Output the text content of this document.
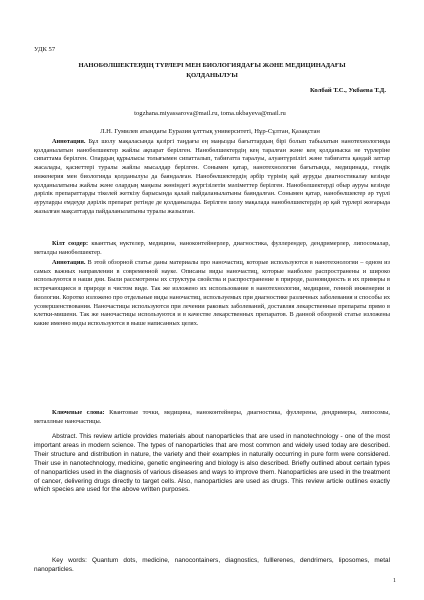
УДК 57
НАНОБӨЛШЕКТЕРДІҢ ТҮРЛЕРІ МЕН БИОЛОГИЯДАҒЫ ЖӘНЕ МЕДИЦИНАДАҒЫ ҚОЛДАНЫЛУЫ
Колбай Т.С., Укбаева Т.Д.
togzhana.miyassarova@mail.ru, toma.ukbayeva@mail.ru
Л.Н. Гумилев атындағы Еуразия ұлттық университеті, Нұр-Сұлтан, Қазақстан
Аннотация. Бұл шолу мақаласында қазіргі таңдағы ең маңызды бағыттардың бірі болып табылатын нанотехнологияда қолданылатын нанобөлшектер жайлы ақпарат берілген. Нанобөлшектердің кең таралған және кең қолданыска не түрлеріне сипаттама берілген. Олардың құрылысы толығымен сипатталып, табиғатта таралуы, алуантүрлілігі және табиғатта қандай заттар жасалады, қасиеттері туралы жайлы мысалдар берілген. Сонымен қатар, нанотехнология бағытында, медицинада, гендік инженерия мен биологияда қолданылуы да баяндалған. Нанобөлшектердің әрбір түрінің қай ауруды диагностикалау кезінде қолданылатыны жайлы және олардың маңызы жөніндегі жүргізілетін мәліметтер берілген. Нанобөлшектерді обыр ауруы кезінде дәрілік препараттарды тікелей жеткізу барысында қалай пайдаланылатыны баяндалған. Сонымен қатар, нанобөлшектер әр түрлі ауруларды емдеуде дәрілік препарат ретінде де қолданылады. Берілген шолу мақалада нанобөлшектердің әр қай түрлері жоғарыда жазылған мақсаттарда пайдаланылатыны туралы жазылған.
Кілт сөздер: кванттық нүктелер, медицина, наноконтейнерлер, диагностика, фуллерендер, дендримерлер, липосомалар, металды нанобөлшектер.
Аннотация. В этой обзорной статье даны материалы про наночастиц, которые используются в нанотехнологии – одном из самых важных направлении в современной науке. Описаны виды наночастиц, которые наиболее распространены и широко используются в наши дни. Были рассмотрены их структура свойства и распространение в природе, разновидность и их примеры в встречающиеся в природе в чистом виде. Так же изложено их использование в нанотехнологии, медицине, генной инженерии и биологии. Коротко изложено про отдельные виды наночастиц, используемых при диагностике различных заболевания и способы их усовершенствования. Наночастицы используются при лечении раковых заболеваний, доставляя лекарственные препараты прямо в клетки-мишени. Так же наночастицы используются и в качестве лекарственных препаратов. В данной обзорной статье изложены какие именно виды используются в выше написанных целях.
Ключевые слова: Квантовые точки, медицина, наноконтейнеры, диагностика, фуллерены, дендримеры, липосомы, металлные наночастицы.
Abstract. This review article provides materials about nanoparticles that are used in nanotechnology - one of the most important areas in modern science. The types of nanoparticles that are most common and widely used today are described. Their structure and distribution in nature, the variety and their examples in naturally occurring in pure form were considered. Their use in nanotechnology, medicine, genetic engineering and biology is also described. Briefly outlined about certain types of nanoparticles used in the diagnosis of various diseases and ways to improve them. Nanoparticles are used in the treatment of cancer, delivering drugs directly to target cells. Also, nanoparticles are used as drugs. This review article outlines exactly which species are used for the above written purposes.
Key words: Quantum dots, medicine, nanocontainers, diagnostics, fulllerenes, dendrimers, liposomes, metal nanoparticles.
1
